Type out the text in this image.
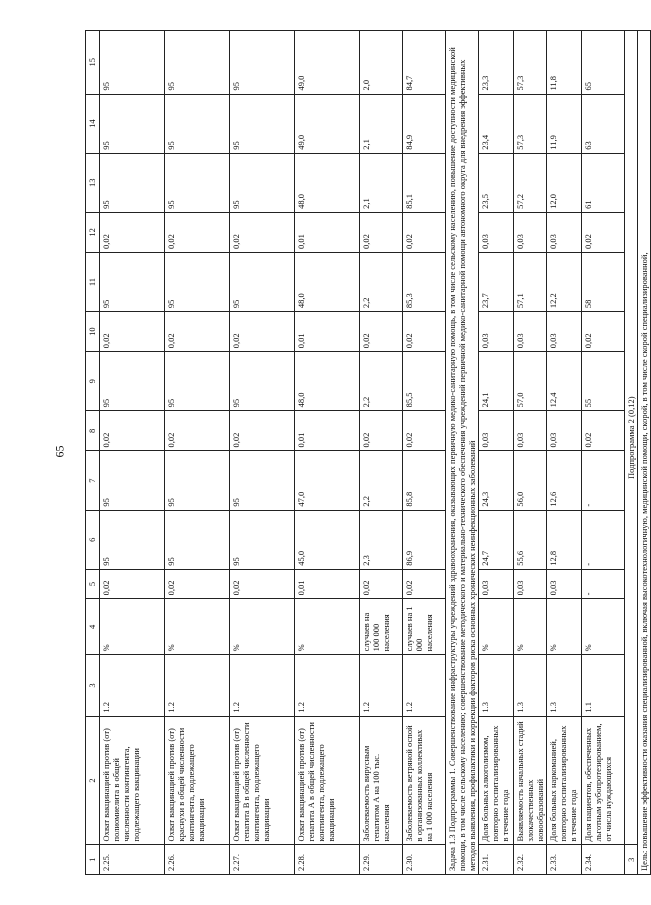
65
1	2	3	4	5	6	7	8	9	10	11	12	13	14	15
2.25.	Охват вакцинацией против (от) полиомиелита в общей численности контингента, подлежащего вакцинации	1.2	%	0,02	95	95	0,02	95	0,02	95	0,02	95	95	95
2.26.	Охват вакцинацией против (от) краснухи в общей численности контингента, подлежащего вакцинации	1.2	%	0,02	95	95	0,02	95	0,02	95	0,02	95	95	95
2.27.	Охват вакцинацией против (от) гепатита В в общей численности контингента, подлежащего вакцинации	1.2	%	0,02	95	95	0,02	95	0,02	95	0,02	95	95	95
2.28.	Охват вакцинацией против (от) гепатита А в общей численности контингента, подлежащего вакцинации	1.2	%	0,01	45,0	47,0	0,01	48,0	0,01	48,0	0,01	48,0	49,0	49,0
2.29.	Заболеваемость вирусным гепатитом А на 100 тыс. населения	1.2	случаев на 100 000 населения	0,02	2,3	2,2	0,02	2,2	0,02	2,2	0,02	2,1	2,1	2,0
2.30.	Заболеваемость ветряной оспой в организованных коллективах на 1 000 населения	1.2	случаев на 1 000 населения	0,02	86,9	85,8	0,02	85,5	0,02	85,3	0,02	85,1	84,9	84,7
Задача 1.3 Подпрограммы 1. Совершенствование инфраструктуры учреждений здравоохранения, оказывающих первичную медико-санитарную помощь, в том числе сельскому населению, повышение доступности медицинской помощи, в том числе сельскому населению; совершенствование методического и материально-технического обеспечения учреждений первичной медико-санитарной помощи автономного округа для внедрения эффективных методов выявления, профилактики и коррекции факторов риска основных хронических неинфекционных заболеваний														
2.31.	Доля больных алкоголизмом, повторно госпитализированных в течение года	1.3	%	0,03	24,7	24,3	0,03	24,1	0,03	23,7	0,03	23,5	23,4	23,3
2.32.	Выявляемость начальных стадий злокачественных новообразований	1.3	%	0,03	55,6	56,0	0,03	57,0	0,03	57,1	0,03	57,2	57,3	57,3
2.33.	Доля больных наркоманией, повторно госпитализированных в течение года	1.3	%	0,03	12,8	12,6	0,03	12,4	0,03	12,2	0,03	12,0	11,9	11,8
2.34.	Доля пациентов, обеспеченных льготным зубопротезированием, от числа нуждающихся	1.1	%	-	-	-	0,02	55	0,02	58	0,02	61	63	65
3	Подпрограмма 2 (0,12)													
Цель: повышение эффективности оказания специализированной, включая высокотехнологичную, медицинской помощи, скорой, в том числе скорой специализированной,														
